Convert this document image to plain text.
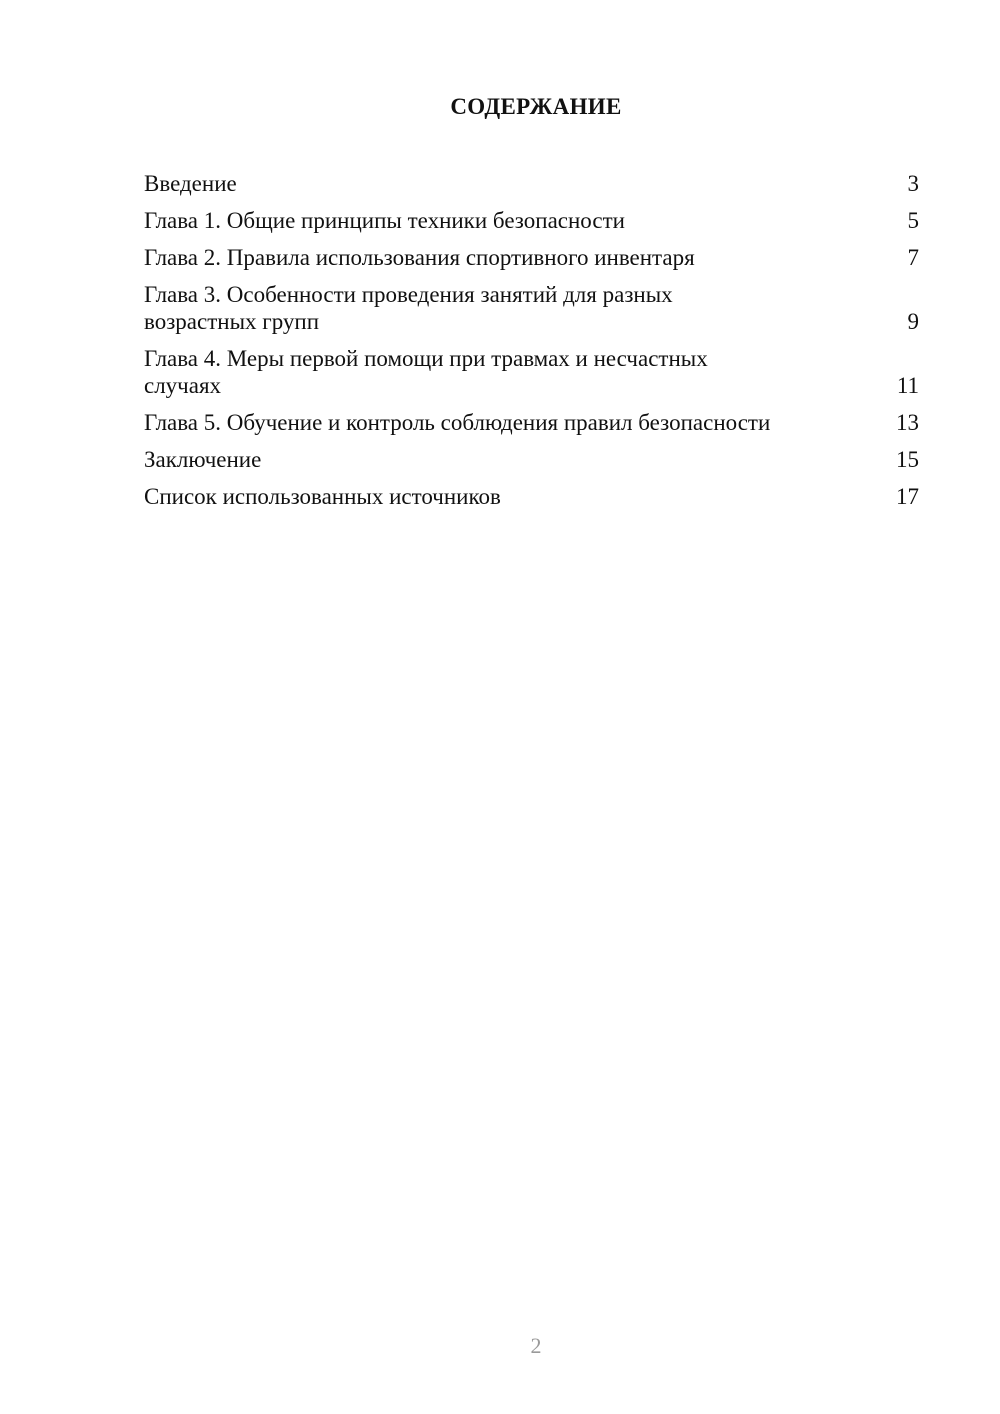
СОДЕРЖАНИЕ
Введение	3
Глава 1. Общие принципы техники безопасности	5
Глава 2. Правила использования спортивного инвентаря	7
Глава 3. Особенности проведения занятий для разных возрастных групп	9
Глава 4. Меры первой помощи при травмах и несчастных случаях	11
Глава 5. Обучение и контроль соблюдения правил безопасности	13
Заключение	15
Список использованных источников	17
2
